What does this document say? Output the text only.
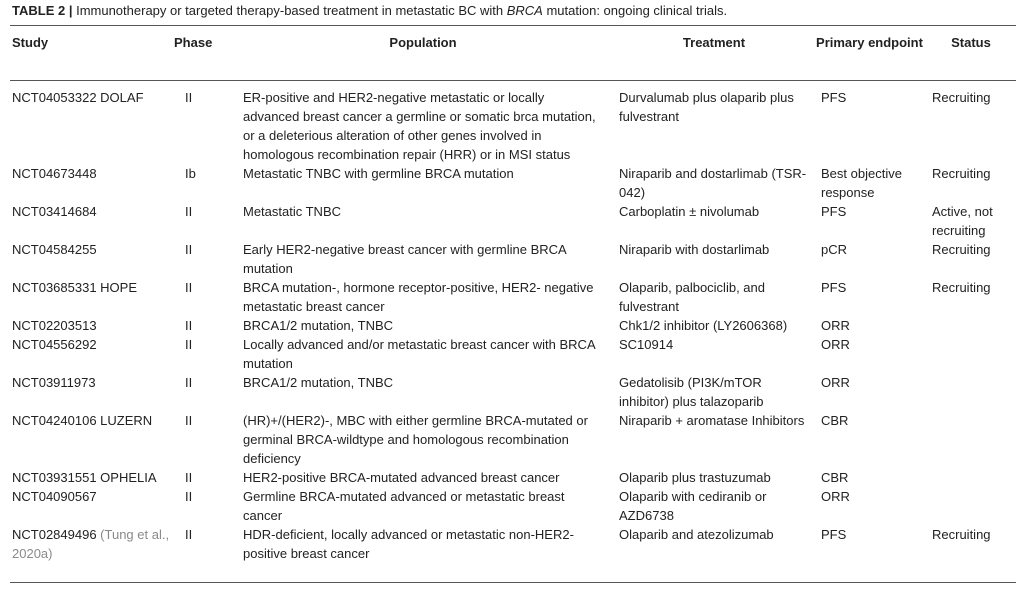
TABLE 2 | Immunotherapy or targeted therapy-based treatment in metastatic BC with BRCA mutation: ongoing clinical trials.
Study	Phase	Population	Treatment	Primary endpoint	Status
NCT04053322 DOLAF	II	ER-positive and HER2-negative metastatic or locally advanced breast cancer a germline or somatic brca mutation, or a deleterious alteration of other genes involved in homologous recombination repair (HRR) or in MSI status	Durvalumab plus olaparib plus fulvestrant	PFS	Recruiting
NCT04673448	Ib	Metastatic TNBC with germline BRCA mutation	Niraparib and dostarlimab (TSR-042)	Best objective response	Recruiting
NCT03414684	II	Metastatic TNBC	Carboplatin ± nivolumab	PFS	Active, not recruiting
NCT04584255	II	Early HER2-negative breast cancer with germline BRCA mutation	Niraparib with dostarlimab	pCR	Recruiting
NCT03685331 HOPE	II	BRCA mutation-, hormone receptor-positive, HER2- negative metastatic breast cancer	Olaparib, palbociclib, and fulvestrant	PFS	Recruiting
NCT02203513	II	BRCA1/2 mutation, TNBC	Chk1/2 inhibitor (LY2606368)	ORR	
NCT04556292	II	Locally advanced and/or metastatic breast cancer with BRCA mutation	SC10914	ORR	
NCT03911973	II	BRCA1/2 mutation, TNBC	Gedatolisib (PI3K/mTOR inhibitor) plus talazoparib	ORR	
NCT04240106 LUZERN	II	(HR)+/(HER2)-, MBC with either germline BRCA-mutated or germinal BRCA-wildtype and homologous recombination deficiency	Niraparib + aromatase Inhibitors	CBR	
NCT03931551 OPHELIA	II	HER2-positive BRCA-mutated advanced breast cancer	Olaparib plus trastuzumab	CBR	
NCT04090567	II	Germline BRCA-mutated advanced or metastatic breast cancer	Olaparib with cediranib or AZD6738	ORR	
NCT02849496 (Tung et al., 2020a)	II	HDR-deficient, locally advanced or metastatic non-HER2-positive breast cancer	Olaparib and atezolizumab	PFS	Recruiting
